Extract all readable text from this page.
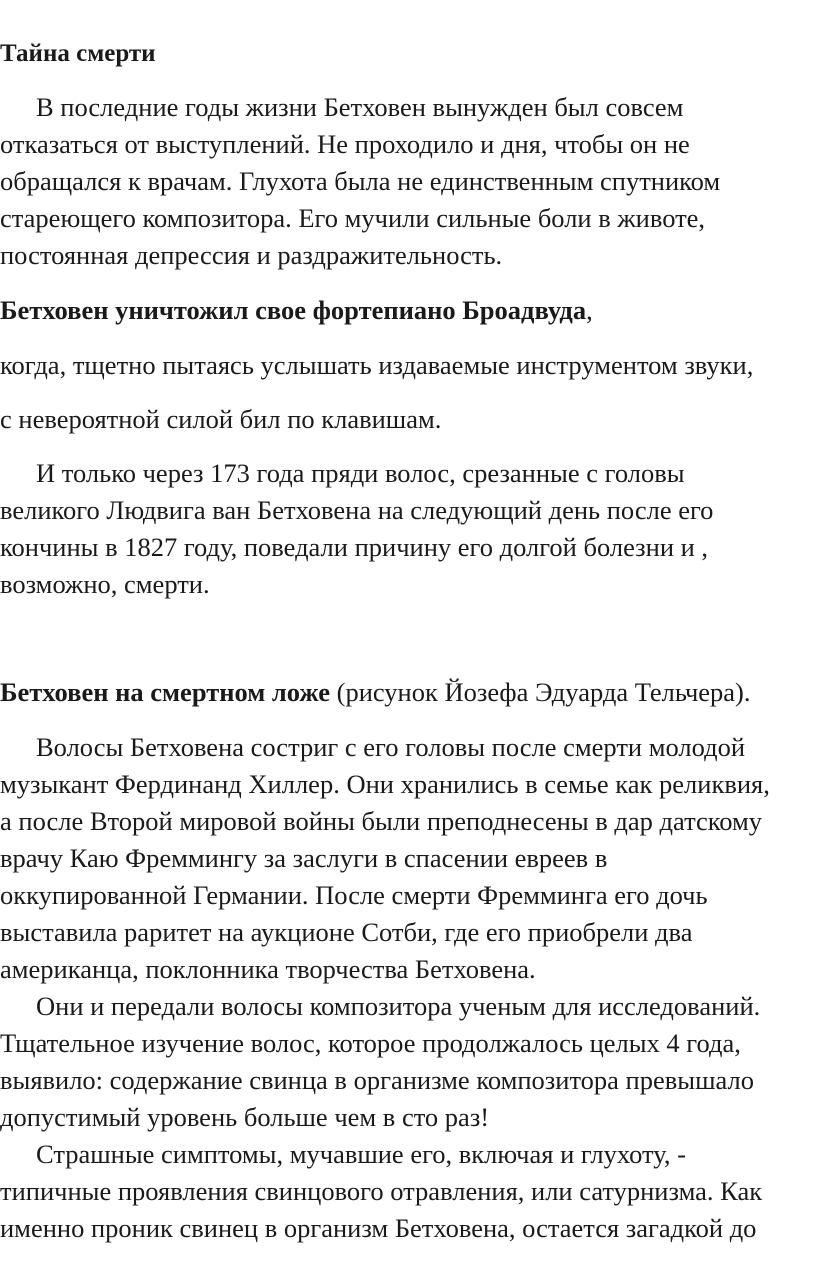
Тайна смерти

В последние годы жизни Бетховен вынужден был совсем

отказаться от выступлений. Не проходило и дня, чтобы он не

обращался к врачам. Глухота была не единственным спутником

стареющего композитора. Его мучили сильные боли в животе,

постоянная депрессия и раздражительность.

Бетховен уничтожил свое фортепиано Броадвуда,

когда, тщетно пытаясь услышать издаваемые инструментом звуки,

с невероятной силой бил по клавишам.

И только через 173 года пряди волос, срезанные с головы

великого Людвига ван Бетховена на следующий день после его

кончины в 1827 году, поведали причину его долгой болезни и ,

возможно, смерти.

Бетховен на смертном ложе (рисунок Йозефа Эдуарда Тельчера).

Волосы Бетховена состриг с его головы после смерти молодой

музыкант Фердинанд Хиллер. Они хранились в семье как реликвия,

а после Второй мировой войны были преподнесены в дар датскому

врачу Каю Фреммингу за заслуги в спасении евреев в

оккупированной Германии. После смерти Фремминга его дочь

выставила раритет на аукционе Сотби, где его приобрели два

американца, поклонника творчества Бетховена.

Они и передали волосы композитора ученым для исследований.

Тщательное изучение волос, которое продолжалось целых 4 года,

выявило: содержание свинца в организме композитора превышало

допустимый уровень больше чем в сто раз!

Страшные симптомы, мучавшие его, включая и глухоту, -

типичные проявления свинцового отравления, или сатурнизма. Как

именно проник свинец в организм Бетховена, остается загадкой до
